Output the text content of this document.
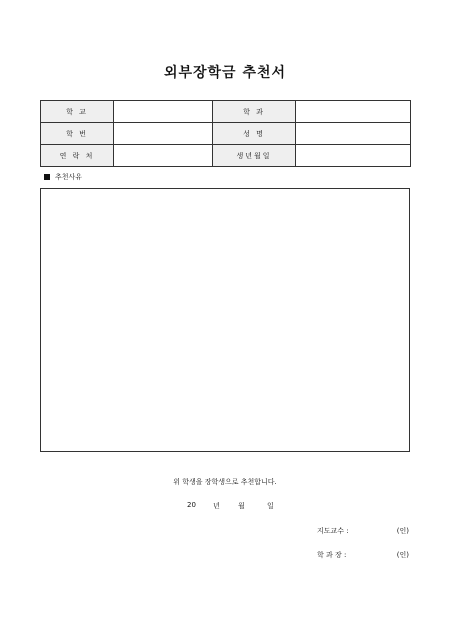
외부장학금 추천서
학 교		학 과	
학 번		성 명	
연 락 처		생년월일	
추천사유
위 학생을 장학생으로 추천합니다.
20	년	월	일
지도교수 :	(인)
학 과 장 :	(인)
